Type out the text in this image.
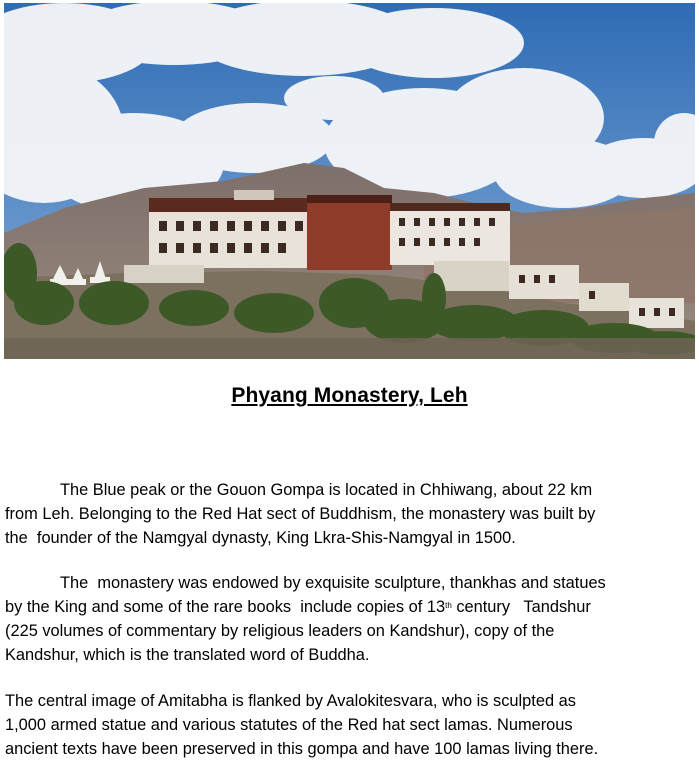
Phyang Monastery, Leh

The Blue peak or the Gouon Gompa is located in Chhiwang, about 22 km
from Leh. Belonging to the Red Hat sect of Buddhism, the monastery was built by
the  founder of the Namgyal dynasty, King Lkra-Shis-Namgyal in 1500.

The  monastery was endowed by exquisite sculpture, thankhas and statues
by the King and some of the rare books  include copies of 13th century   Tandshur
(225 volumes of commentary by religious leaders on Kandshur), copy of the
Kandshur, which is the translated word of Buddha.

The central image of Amitabha is flanked by Avalokitesvara, who is sculpted as
1,000 armed statue and various statutes of the Red hat sect lamas. Numerous
ancient texts have been preserved in this gompa and have 100 lamas living there.
